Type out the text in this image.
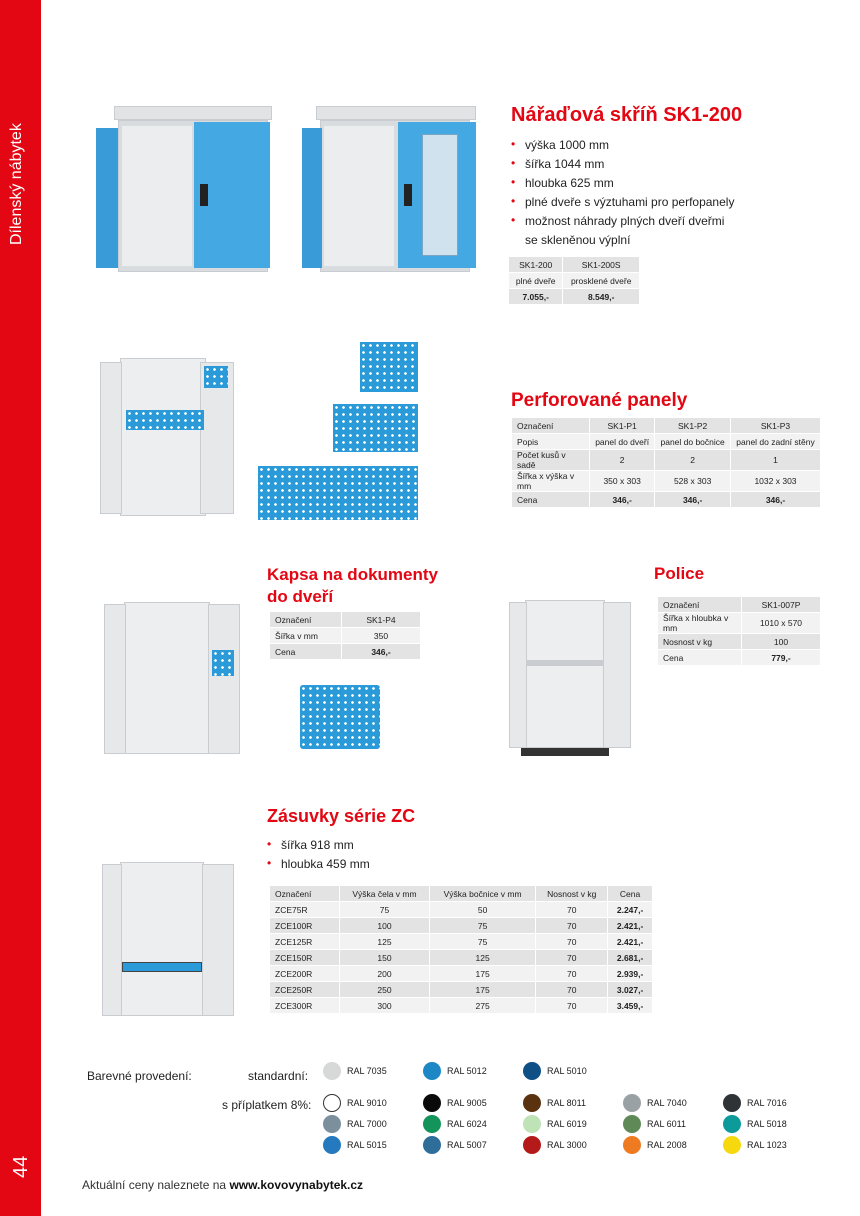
Dílenský nábytek
44
Nářaďová skříň SK1-200
• výška 1000 mm
• šířka 1044 mm
• hloubka 625 mm
• plné dveře s výztuhami pro perfopanely
• možnost náhrady plných dveří dveřmi
se skleněnou výplní
SK1-200	SK1-200S
plné dveře	prosklené dveře
7.055,-	8.549,-
Perforované panely
Označení	SK1-P1	SK1-P2	SK1-P3
Popis	panel do dveří	panel do bočnice	panel do zadní stěny
Počet kusů v sadě	2	2	1
Šířka x výška v mm	350 x 303	528 x 303	1032 x 303
Cena	346,-	346,-	346,-
Kapsa na dokumenty
do dveří
Označení	SK1-P4
Šířka v mm	350
Cena	346,-
Police
Označení	SK1-007P
Šířka x hloubka v mm	1010 x 570
Nosnost v kg	100
Cena	779,-
Zásuvky série ZC
• šířka 918 mm
• hloubka 459 mm
Označení	Výška čela v mm	Výška bočnice v mm	Nosnost v kg	Cena
ZCE75R	75	50	70	2.247,-
ZCE100R	100	75	70	2.421,-
ZCE125R	125	75	70	2.421,-
ZCE150R	150	125	70	2.681,-
ZCE200R	200	175	70	2.939,-
ZCE250R	250	175	70	3.027,-
ZCE300R	300	275	70	3.459,-
Barevné provedení:	standardní:
s příplatkem 8%:
RAL 7035	RAL 5012	RAL 5010
RAL 9010	RAL 9005	RAL 8011	RAL 7040	RAL 7016
RAL 7000	RAL 6024	RAL 6019	RAL 6011	RAL 5018
RAL 5015	RAL 5007	RAL 3000	RAL 2008	RAL 1023
Aktuální ceny naleznete na www.kovovynabytek.cz
